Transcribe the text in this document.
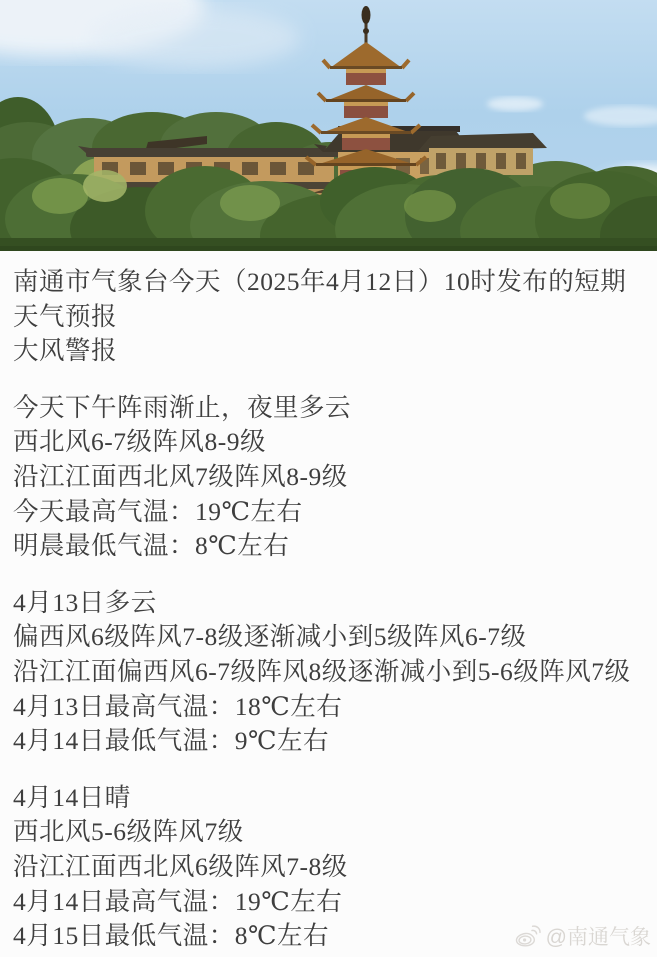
南通市气象台今天（2025年4月12日）10时发布的短期天气预报
大风警报
今天下午阵雨渐止，夜里多云
西北风6-7级阵风8-9级
沿江江面西北风7级阵风8-9级
今天最高气温：19℃左右
明晨最低气温：8℃左右
4月13日多云
偏西风6级阵风7-8级逐渐减小到5级阵风6-7级
沿江江面偏西风6-7级阵风8级逐渐减小到5-6级阵风7级
4月13日最高气温：18℃左右
4月14日最低气温：9℃左右
4月14日晴
西北风5-6级阵风7级
沿江江面西北风6级阵风7-8级
4月14日最高气温：19℃左右
4月15日最低气温：8℃左右	@南通气象
